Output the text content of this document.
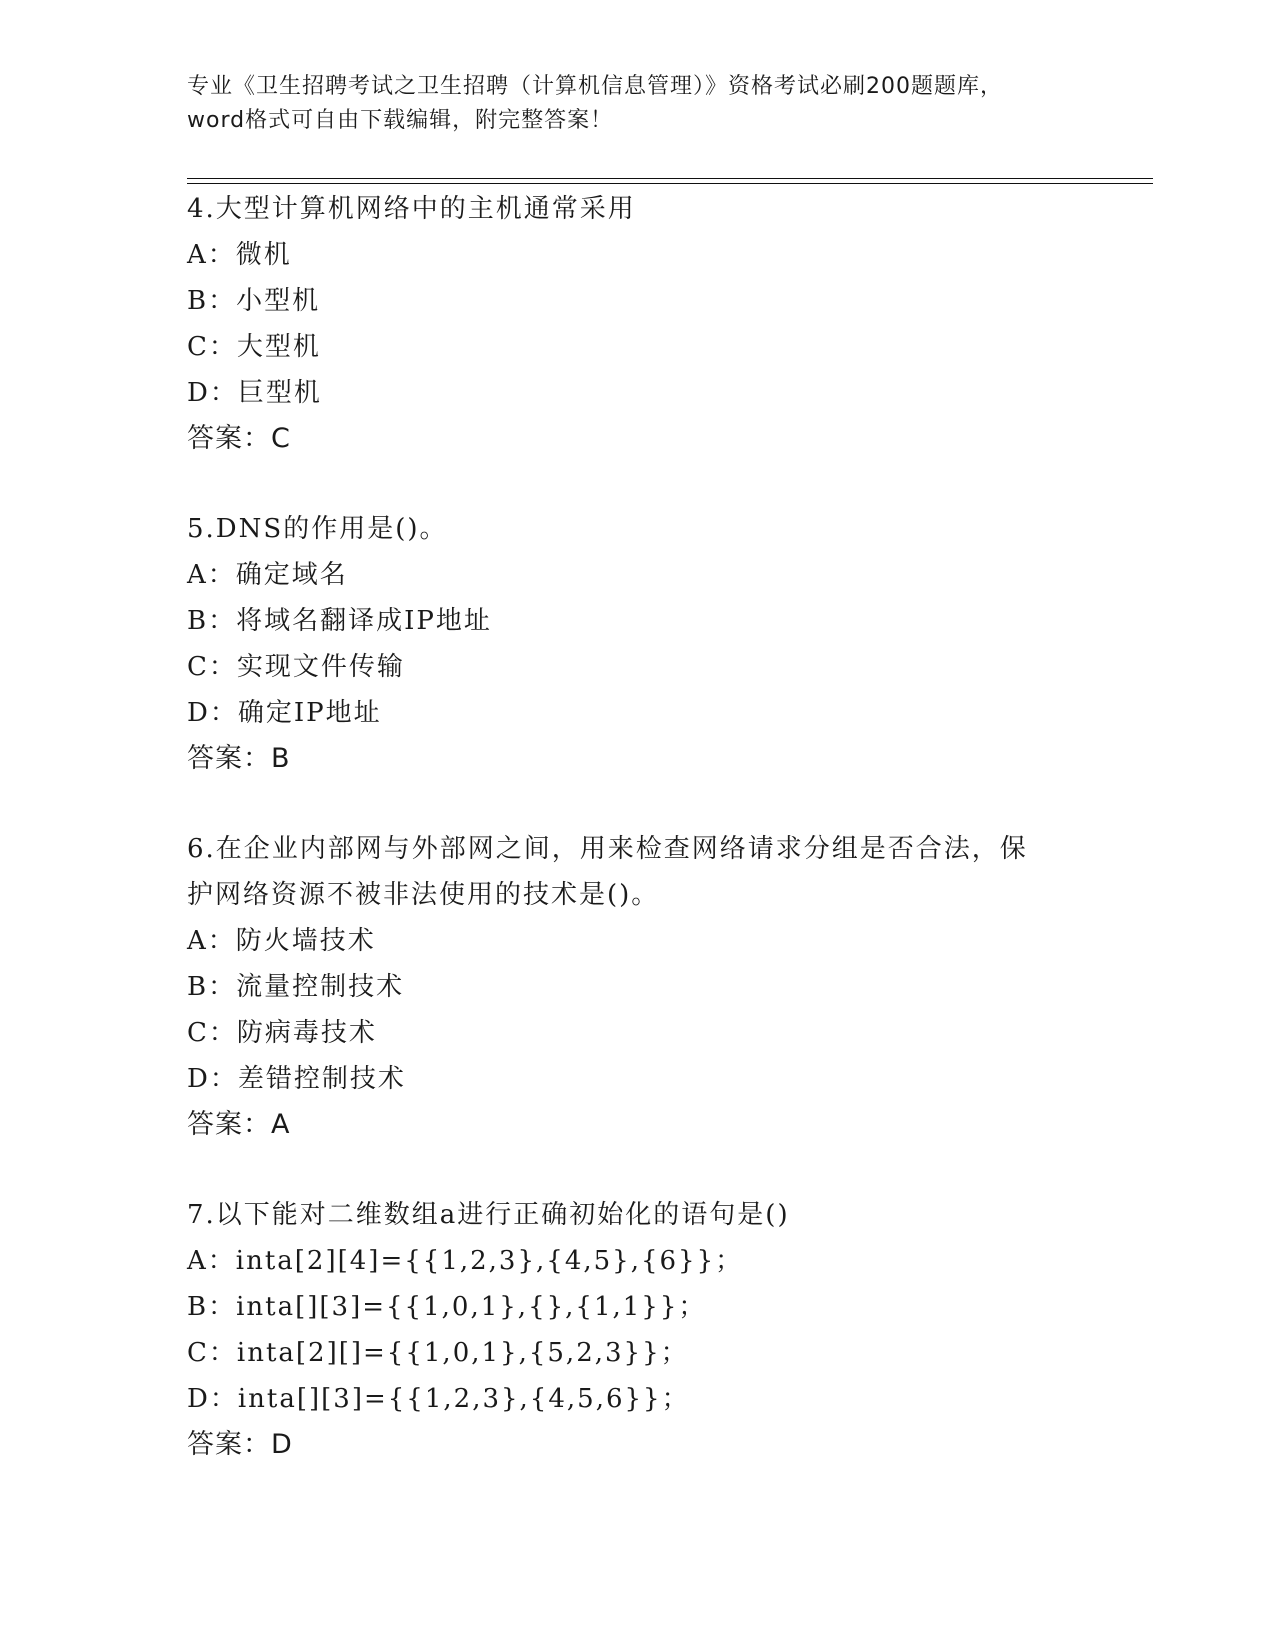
专业《卫生招聘考试之卫生招聘（计算机信息管理）》资格考试必刷200题题库，
word格式可自由下载编辑，附完整答案！
4.大型计算机网络中的主机通常采用
A：微机
B：小型机
C：大型机
D：巨型机
答案：C
5.DNS的作用是()。
A：确定域名
B：将域名翻译成IP地址
C：实现文件传输
D：确定IP地址
答案：B
6.在企业内部网与外部网之间，用来检查网络请求分组是否合法，保
护网络资源不被非法使用的技术是()。
A：防火墙技术
B：流量控制技术
C：防病毒技术
D：差错控制技术
答案：A
7.以下能对二维数组a进行正确初始化的语句是()
A：inta[2][4]={{1,2,3},{4,5},{6}}；
B：inta[][3]={{1,0,1},{},{1,1}}；
C：inta[2][]={{1,0,1},{5,2,3}}；
D：inta[][3]={{1,2,3},{4,5,6}}；
答案：D
